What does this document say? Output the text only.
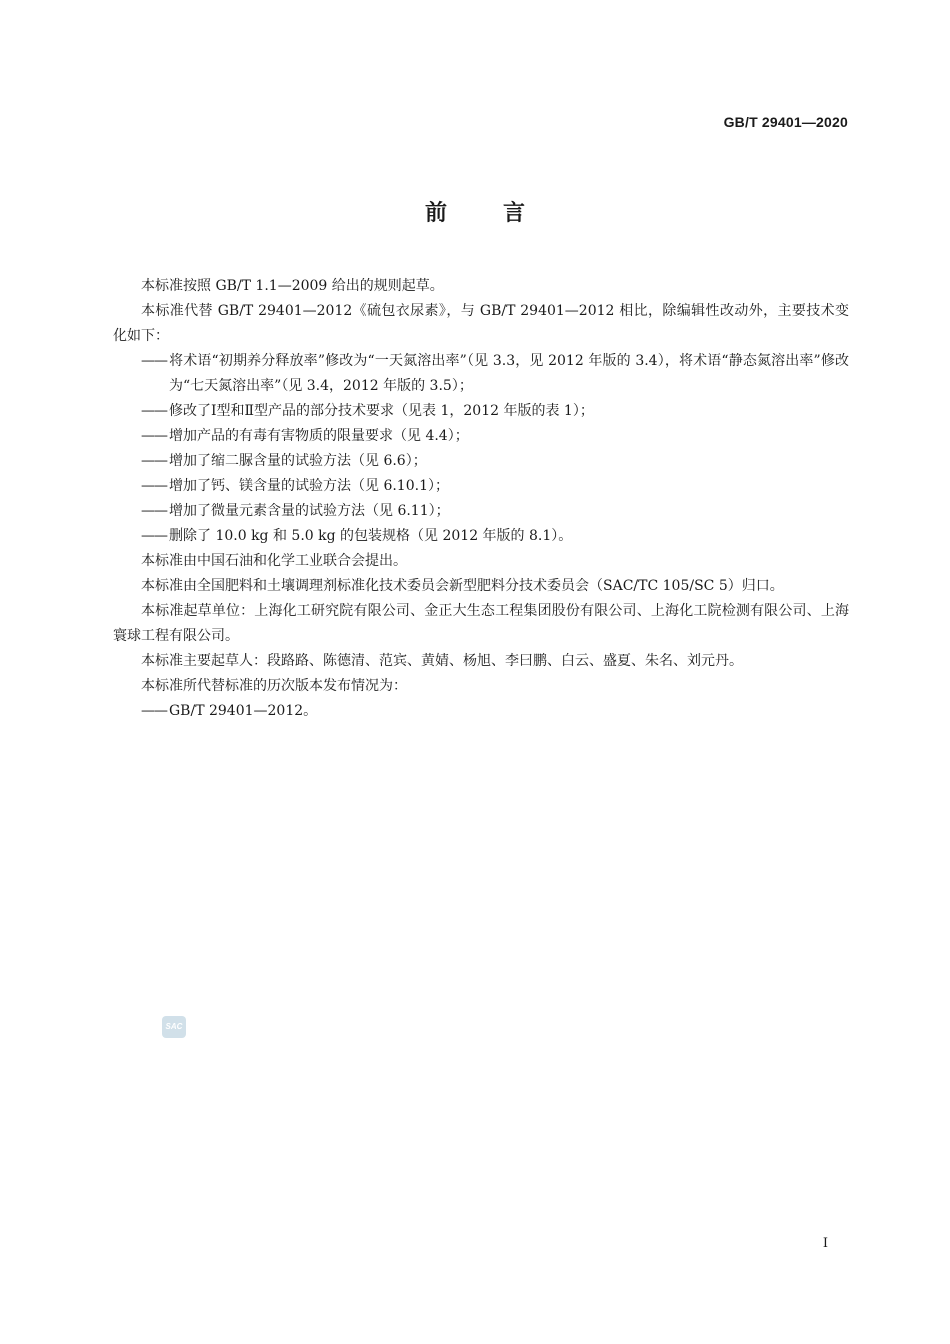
GB/T 29401—2020
前言

本标准按照 GB/T 1.1—2009 给出的规则起草。

本标准代替 GB/T 29401—2012《硫包衣尿素》，与 GB/T 29401—2012 相比，除编辑性改动外，主要技术变化如下：

—— 将术语“初期养分释放率”修改为“一天氮溶出率”（见 3.3，见 2012 年版的 3.4），将术语“静态氮溶出率”修改为“七天氮溶出率”（见 3.4，2012 年版的 3.5）；

—— 修改了Ⅰ型和Ⅱ型产品的部分技术要求（见表 1，2012 年版的表 1）；

—— 增加产品的有毒有害物质的限量要求（见 4.4）；

—— 增加了缩二脲含量的试验方法（见 6.6）；

—— 增加了钙、镁含量的试验方法（见 6.10.1）；

—— 增加了微量元素含量的试验方法（见 6.11）；

—— 删除了 10.0 kg 和 5.0 kg 的包装规格（见 2012 年版的 8.1）。

本标准由中国石油和化学工业联合会提出。

本标准由全国肥料和土壤调理剂标准化技术委员会新型肥料分技术委员会（SAC/TC 105/SC 5）归口。

本标准起草单位：上海化工研究院有限公司、金正大生态工程集团股份有限公司、上海化工院检测有限公司、上海寰球工程有限公司。

本标准主要起草人：段路路、陈德清、范宾、黄婧、杨旭、李曰鹏、白云、盛夏、朱名、刘元丹。

本标准所代替标准的历次版本发布情况为：

—— GB/T 29401—2012。

SAC
I
